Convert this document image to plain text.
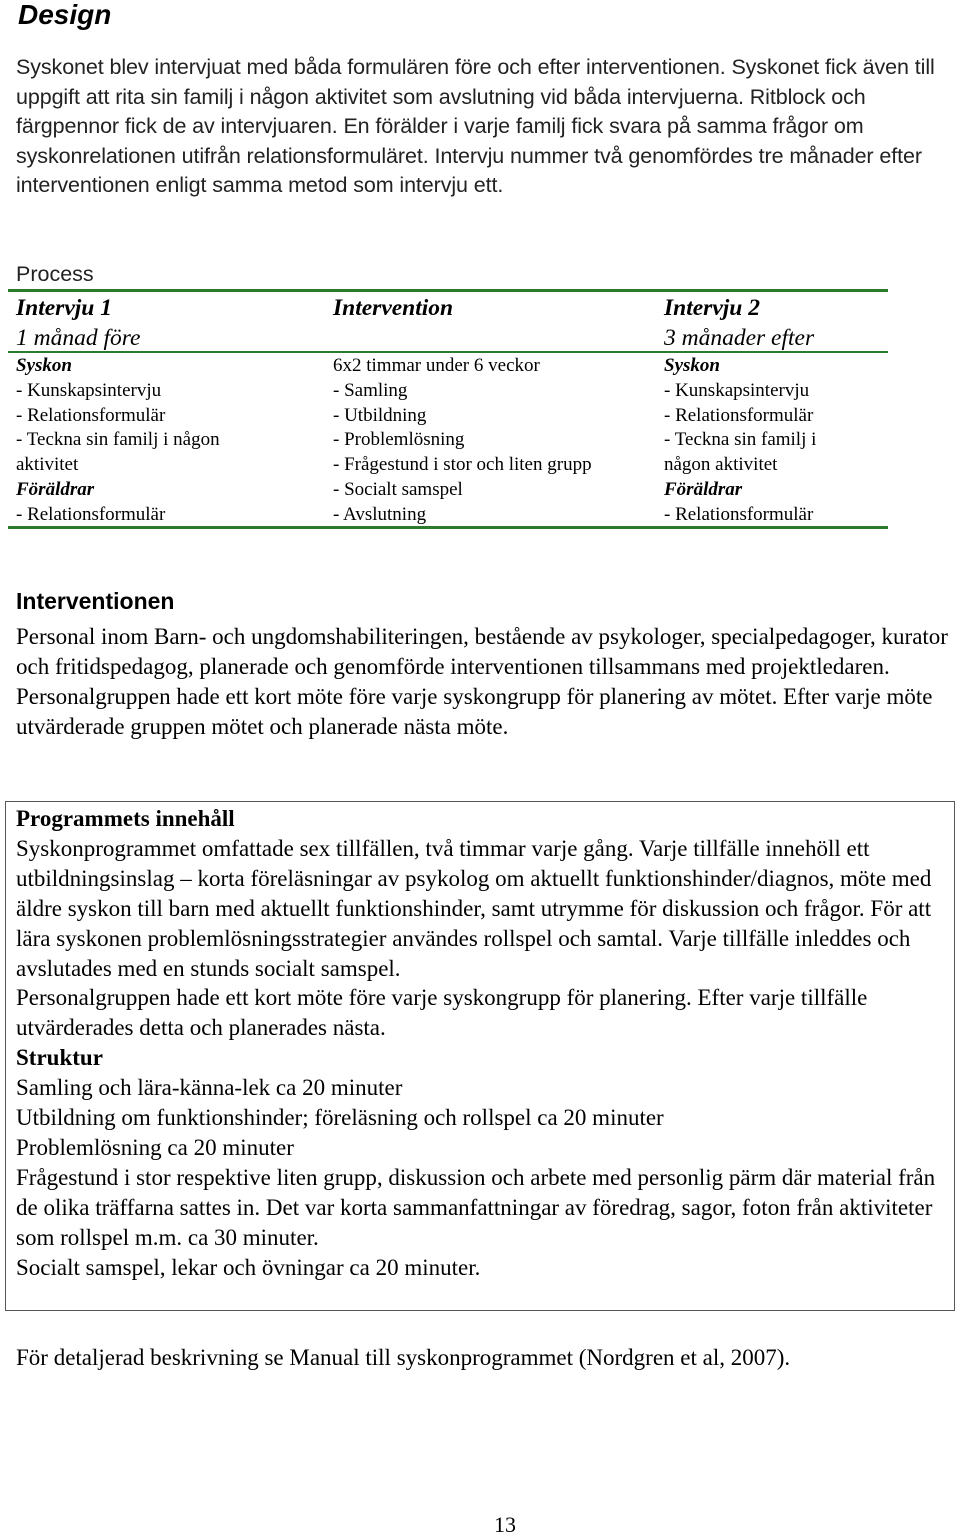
Design
Syskonet blev intervjuat med båda formulären före och efter interventionen. Syskonet fick även till uppgift att rita sin familj i någon aktivitet som avslutning vid båda intervjuerna. Ritblock och färgpennor fick de av intervjuaren. En förälder i varje familj fick svara på samma frågor om syskonrelationen utifrån relationsformuläret. Intervju nummer två genomfördes tre månader efter interventionen enligt samma metod som intervju ett.
Process
Intervju 1
1 månad före
Intervention	Intervju 2
3 månader efter
Syskon
- Kunskapsintervju
- Relationsformulär
- Teckna sin familj i någon
aktivitet
Föräldrar
- Relationsformulär
6x2 timmar under 6 veckor
- Samling
- Utbildning
- Problemlösning
- Frågestund i stor och liten grupp
- Socialt samspel
- Avslutning
Syskon
- Kunskapsintervju
- Relationsformulär
- Teckna sin familj i
någon aktivitet
Föräldrar
- Relationsformulär
Interventionen
Personal inom Barn- och ungdomshabiliteringen, bestående av psykologer, specialpedagoger, kurator och fritidspedagog, planerade och genomförde interventionen tillsammans med projektledaren. Personalgruppen hade ett kort möte före varje syskongrupp för planering av mötet. Efter varje möte utvärderade gruppen mötet och planerade nästa möte.
Programmets innehåll
Syskonprogrammet omfattade sex tillfällen, två timmar varje gång. Varje tillfälle innehöll ett utbildningsinslag – korta föreläsningar av psykolog om aktuellt funktionshinder/diagnos, möte med äldre syskon till barn med aktuellt funktionshinder, samt utrymme för diskussion och frågor. För att lära syskonen problemlösningsstrategier användes rollspel och samtal. Varje tillfälle inleddes och avslutades med en stunds socialt samspel.
Personalgruppen hade ett kort möte före varje syskongrupp för planering. Efter varje tillfälle utvärderades detta och planerades nästa.
Struktur
Samling och lära-känna-lek ca 20 minuter
Utbildning om funktionshinder; föreläsning och rollspel ca 20 minuter
Problemlösning ca 20 minuter
Frågestund i stor respektive liten grupp, diskussion och arbete med personlig pärm där material från de olika träffarna sattes in. Det var korta sammanfattningar av föredrag, sagor, foton från aktiviteter som rollspel m.m. ca 30 minuter.
Socialt samspel, lekar och övningar ca 20 minuter.
För detaljerad beskrivning se Manual till syskonprogrammet (Nordgren et al, 2007).
13
